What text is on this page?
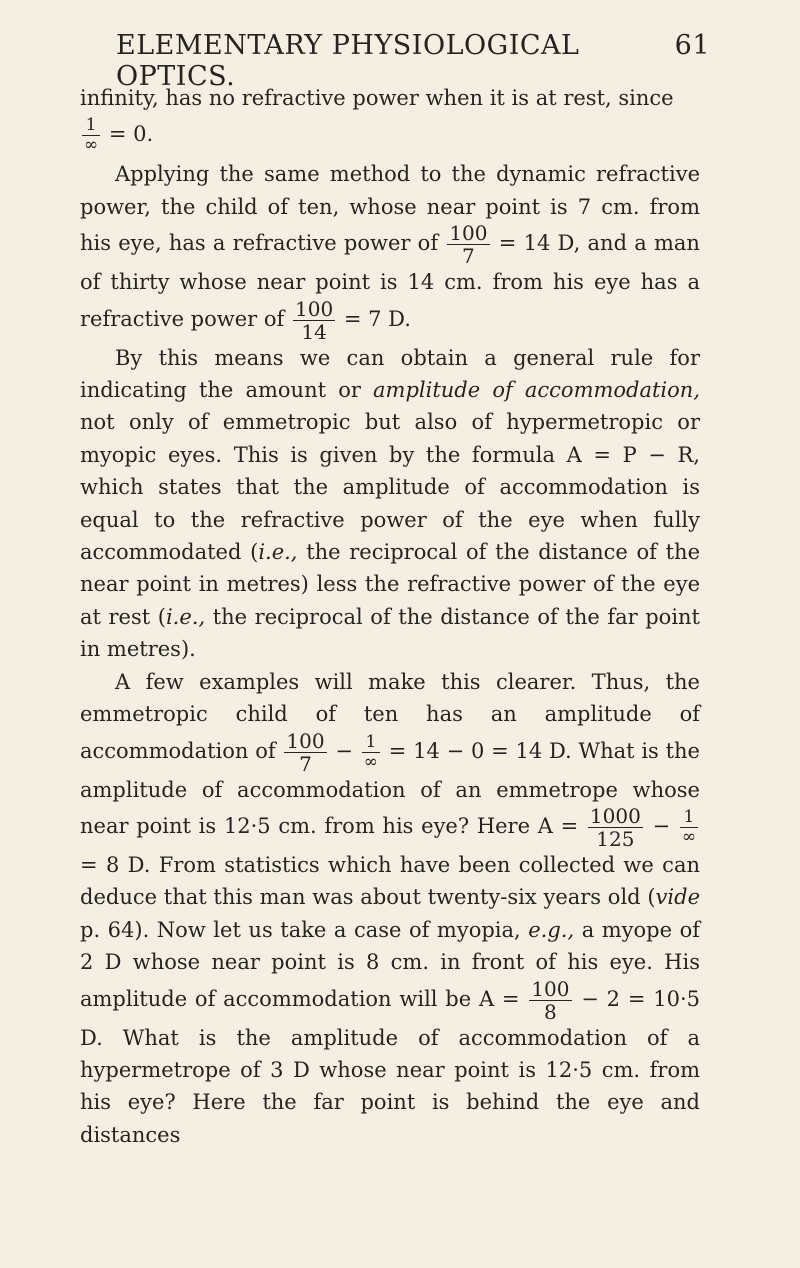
ELEMENTARY PHYSIOLOGICAL OPTICS.
61

infinity, has no refractive power when it is at rest, since
$\frac{1}{\infty} = 0$.

Applying the same method to the dynamic refractive power, the child of ten, whose near point is 7 cm. from his eye, has a refractive power of $\frac{100}{7} = 14$ D, and a man of thirty whose near point is 14 cm. from his eye has a refractive power of $\frac{100}{14} = 7$ D.

By this means we can obtain a general rule for indicating the amount or amplitude of accommodation, not only of emmetropic but also of hypermetropic or myopic eyes. This is given by the formula A = P − R, which states that the amplitude of accommodation is equal to the refractive power of the eye when fully accommodated (i.e., the reciprocal of the distance of the near point in metres) less the refractive power of the eye at rest (i.e., the reciprocal of the distance of the far point in metres).

A few examples will make this clearer. Thus, the emmetropic child of ten has an amplitude of accommodation of $\frac{100}{7} - \frac{1}{\infty} = 14 - 0 = 14$ D. What is the amplitude of accommodation of an emmetrope whose near point is 12·5 cm. from his eye? Here $A = \frac{1000}{125} - \frac{1}{\infty}$
= 8 D. From statistics which have been collected we can deduce that this man was about twenty-six years old (vide p. 64). Now let us take a case of myopia, e.g., a myope of 2 D whose near point is 8 cm. in front of his eye. His amplitude of accommodation will be $A = \frac{100}{8} - 2 = 10\cdot 5$ D. What is the amplitude of accommodation of a hypermetrope of 3 D whose near point is 12·5 cm. from his eye? Here the far point is behind the eye and distances
